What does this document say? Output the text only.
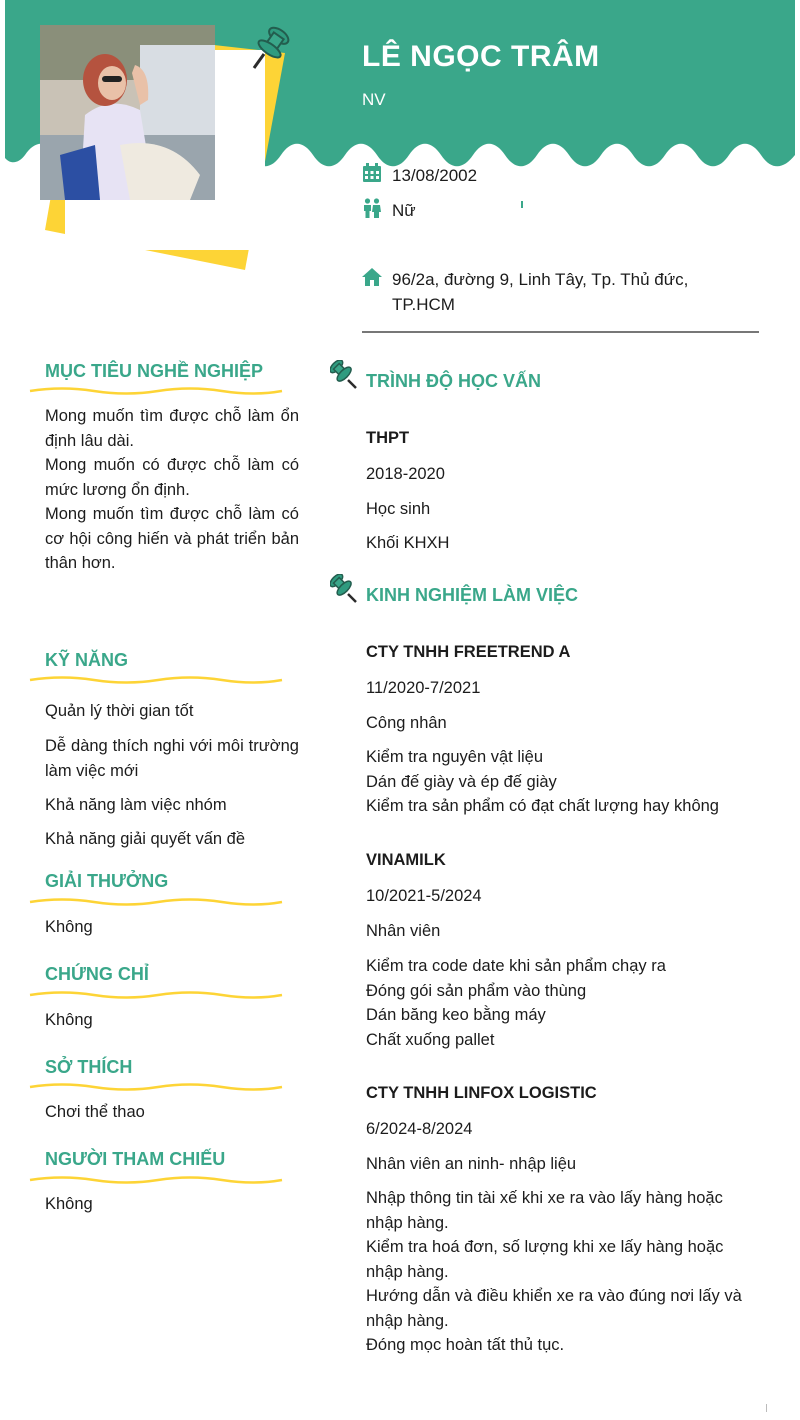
LÊ NGỌC TRÂM
NV
13/08/2002
Nữ
96/2a, đường 9, Linh Tây, Tp. Thủ đức, TP.HCM
MỤC TIÊU NGHỀ NGHIỆP
Mong muốn tìm được chỗ làm ổn định lâu dài.
Mong muốn có được chỗ làm có mức lương ổn định.
Mong muốn tìm được chỗ làm có cơ hội công hiến và phát triển bản thân hơn.
KỸ NĂNG
Quản lý thời gian tốt
Dễ dàng thích nghi với môi trường làm việc mới
Khả năng làm việc nhóm
Khả năng giải quyết vấn đề
GIẢI THƯỞNG
Không
CHỨNG CHỈ
Không
SỞ THÍCH
Chơi thể thao
NGƯỜI THAM CHIẾU
Không
TRÌNH ĐỘ HỌC VẤN
THPT
2018-2020
Học sinh
Khối KHXH
KINH NGHIỆM LÀM VIỆC
CTY TNHH FREETREND A
11/2020-7/2021
Công nhân
Kiểm tra nguyên vật liệu
Dán đế giày và ép đế giày
Kiểm tra sản phẩm có đạt chất lượng hay không
VINAMILK
10/2021-5/2024
Nhân viên
Kiểm tra code date khi sản phẩm chạy ra
Đóng gói sản phẩm vào thùng
Dán băng keo bằng máy
Chất xuống pallet
CTY TNHH LINFOX LOGISTIC
6/2024-8/2024
Nhân viên an ninh- nhập liệu
Nhập thông tin tài xế khi xe ra vào lấy hàng hoặc nhập hàng.
Kiểm tra hoá đơn, số lượng khi xe lấy hàng hoặc nhập hàng.
Hướng dẫn và điều khiển xe ra vào đúng nơi lấy và nhập hàng.
Đóng mọc hoàn tất thủ tục.
